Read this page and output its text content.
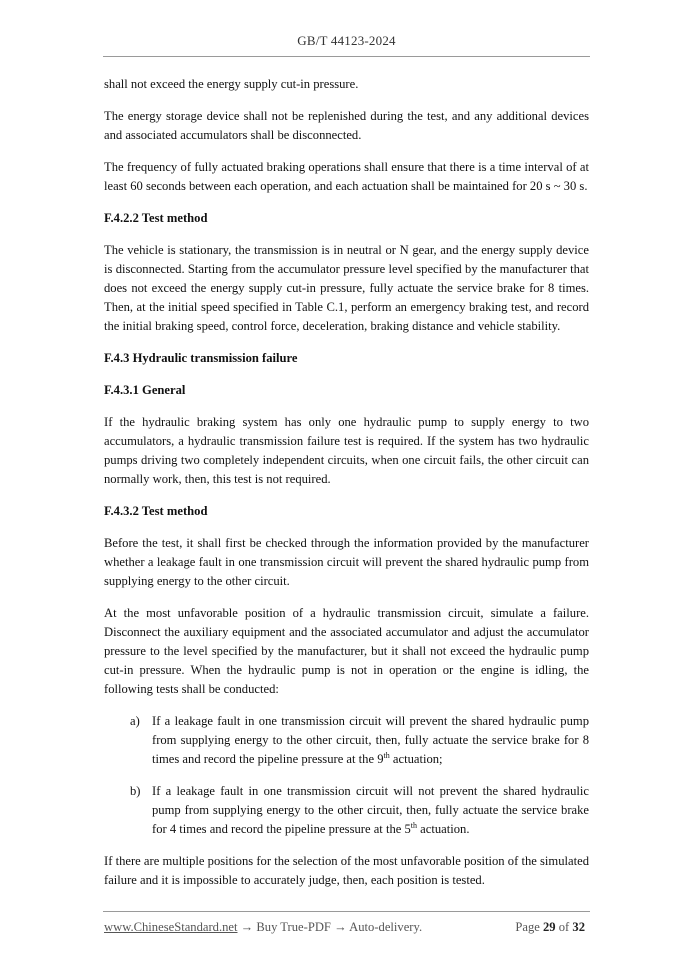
GB/T 44123-2024

shall not exceed the energy supply cut-in pressure.

The energy storage device shall not be replenished during the test, and any additional devices and associated accumulators shall be disconnected.

The frequency of fully actuated braking operations shall ensure that there is a time interval of at least 60 seconds between each operation, and each actuation shall be maintained for 20 s ~ 30 s.

F.4.2.2 Test method

The vehicle is stationary, the transmission is in neutral or N gear, and the energy supply device is disconnected. Starting from the accumulator pressure level specified by the manufacturer that does not exceed the energy supply cut-in pressure, fully actuate the service brake for 8 times. Then, at the initial speed specified in Table C.1, perform an emergency braking test, and record the initial braking speed, control force, deceleration, braking distance and vehicle stability.

F.4.3 Hydraulic transmission failure
F.4.3.1 General

If the hydraulic braking system has only one hydraulic pump to supply energy to two accumulators, a hydraulic transmission failure test is required. If the system has two hydraulic pumps driving two completely independent circuits, when one circuit fails, the other circuit can normally work, then, this test is not required.

F.4.3.2 Test method

Before the test, it shall first be checked through the information provided by the manufacturer whether a leakage fault in one transmission circuit will prevent the shared hydraulic pump from supplying energy to the other circuit.

At the most unfavorable position of a hydraulic transmission circuit, simulate a failure. Disconnect the auxiliary equipment and the associated accumulator and adjust the accumulator pressure to the level specified by the manufacturer, but it shall not exceed the hydraulic pump cut-in pressure. When the hydraulic pump is not in operation or the engine is idling, the following tests shall be conducted:

a) If a leakage fault in one transmission circuit will prevent the shared hydraulic pump from supplying energy to the other circuit, then, fully actuate the service brake for 8 times and record the pipeline pressure at the 9th actuation;
b) If a leakage fault in one transmission circuit will not prevent the shared hydraulic pump from supplying energy to the other circuit, then, fully actuate the service brake for 4 times and record the pipeline pressure at the 5th actuation.

If there are multiple positions for the selection of the most unfavorable position of the simulated failure and it is impossible to accurately judge, then, each position is tested.

www.ChineseStandard.net → Buy True-PDF → Auto-delivery.	Page 29 of 32
